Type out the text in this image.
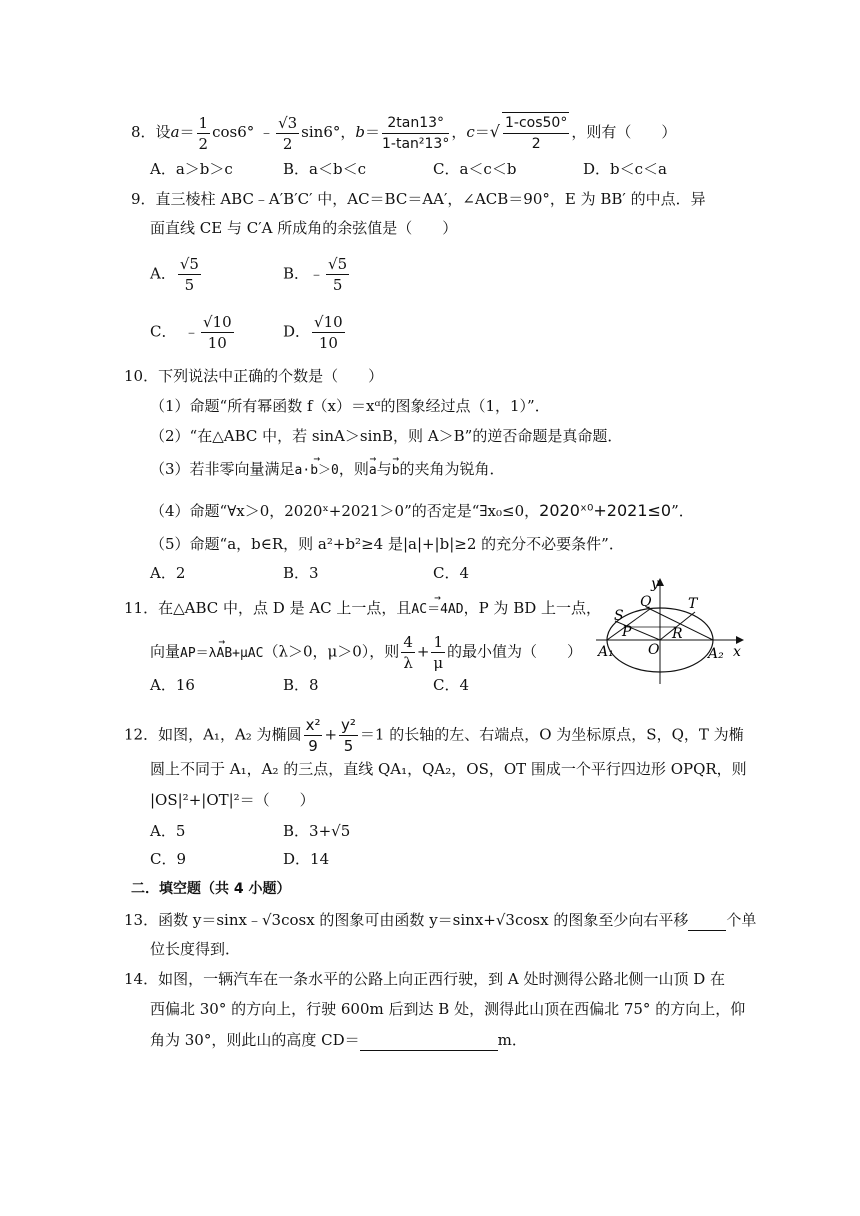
8．设$a= \frac{1}{2} \cos 6^\circ$ ﹣ $\frac{√3}{2} \sin 6^\circ$，$b= \frac{2\tan 13^\circ}{\text{1-tan²13°}}$ ，$c=√ \frac{1-\cos 50^\circ}{2}$ ，则有（　　）
A．a＞b＞c	B．a＜b＜c	C．a＜c＜b	D．b＜c＜a
9．直三棱柱 ABC﹣A′B′C′ 中，AC＝BC＝AA′，∠ACB＝90°，E 为 BB′ 的中点．异
面直线 CE 与 C′A 所成角的余弦值是（　　）
A． $\frac{√5}{5}$	B．﹣ $\frac{√5}{5}$
C．　﹣ $\frac{√10}{10}$	D． $\frac{√10}{10}$
10．下列说法中正确的个数是（　　）
（1）命题“所有幂函数 f（x）＝xᵅ的图象经过点（1，1）”．
（2）“在△ABC 中，若 sinA＞sinB，则 A＞B”的逆否命题是真命题．
（3）若非零向量满足→ a·b＞0，则→ a与→ b的夹角为锐角．
（4）命题“∀x＞0，2020ˣ+2021＞0”的否定是“∃x₀≤0，2020ˣ⁰+2021≤0”．
（5）命题“a，b∈R，则 a²+b²≥4 是|a|+|b|≥2 的充分不必要条件”．
A．2	B．3	C．4
11．在△ABC 中，点 D 是 AC 上一点，且→ AC＝4AD，P 为 BD 上一点，
向量→ AP＝λAB+μAC（λ＞0，μ＞0），则 $\frac{4}{\lambda} + \frac{1}{\mu}$ 的最小值为（　　）
A．16	B．8	C．4
y
x
Q	T
S
P	R
O
A₁	A₂
12．如图，A₁，A₂ 为椭圆 $\frac{\text{x²}}{9} + \frac{\text{y²}}{5} =1$ 的长轴的左、右端点，O 为坐标原点，S，Q，T 为椭
圆上不同于 A₁，A₂ 的三点，直线 QA₁，QA₂，OS，OT 围成一个平行四边形 OPQR，则
|OS|²+|OT|²＝（　　）
A．5	B．3+√5
C．9	D．14
二．填空题（共 4 小题）
13．函数 y＝sinx﹣√3cosx 的图象可由函数 y＝sinx+√3cosx 的图象至少向右平移	个单
位长度得到．
14．如图，一辆汽车在一条水平的公路上向正西行驶，到 A 处时测得公路北侧一山顶 D 在
西偏北 30° 的方向上，行驶 600m 后到达 B 处，测得此山顶在西偏北 75° 的方向上，仰
角为 30°，则此山的高度 CD＝	m．
